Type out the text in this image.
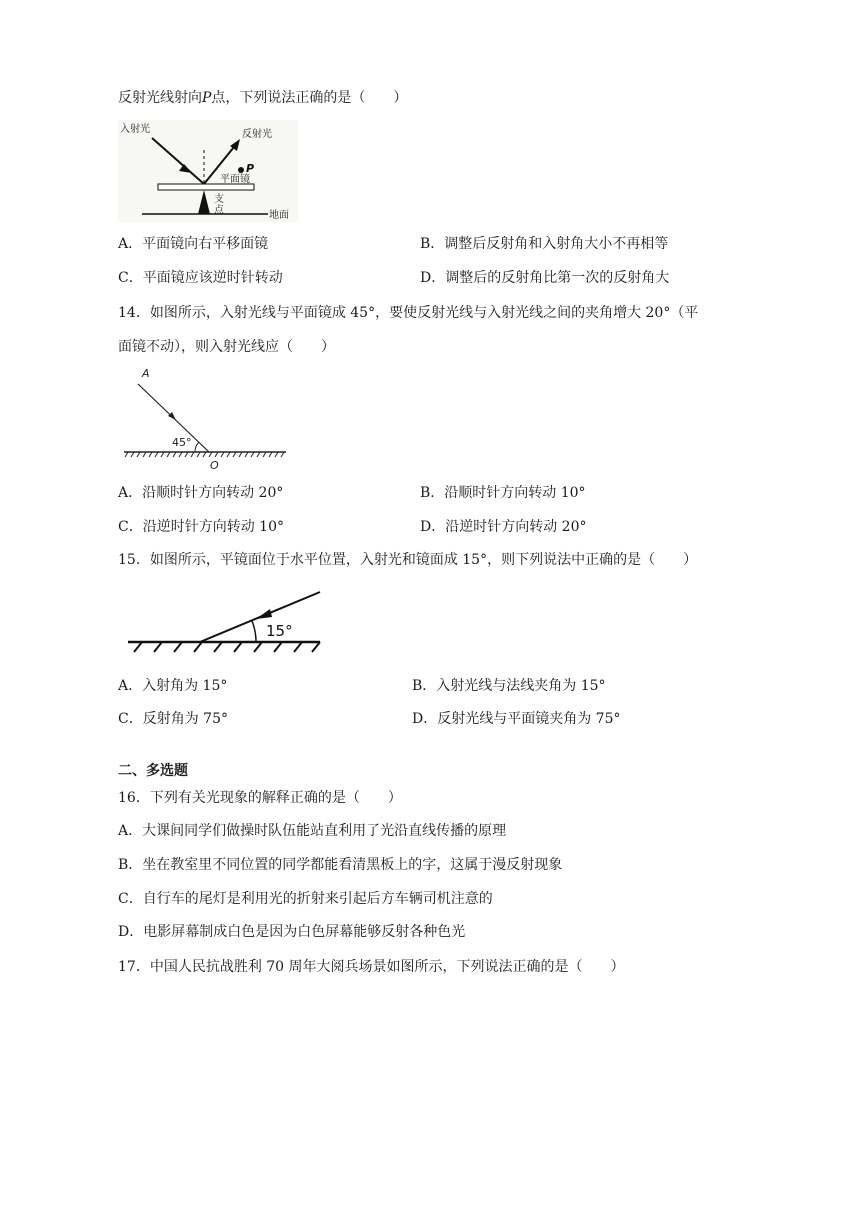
反射光线射向P点，下列说法正确的是（　　）
入射光	反射光
P
平面镜
支
点	地面
A．平面镜向右平移面镜	B．调整后反射角和入射角大小不再相等
C．平面镜应该逆时针转动	D．调整后的反射角比第一次的反射角大
14．如图所示，入射光线与平面镜成 45°，要使反射光线与入射光线之间的夹角增大 20°（平
面镜不动），则入射光线应（　　）
A
45°
O
A．沿顺时针方向转动 20°	B．沿顺时针方向转动 10°
C．沿逆时针方向转动 10°	D．沿逆时针方向转动 20°
15．如图所示，平镜面位于水平位置，入射光和镜面成 15°，则下列说法中正确的是（　　）
15°
A．入射角为 15°	B．入射光线与法线夹角为 15°
C．反射角为 75°	D．反射光线与平面镜夹角为 75°
二、多选题
16．下列有关光现象的解释正确的是（　　）
A．大课间同学们做操时队伍能站直利用了光沿直线传播的原理
B．坐在教室里不同位置的同学都能看清黑板上的字，这属于漫反射现象
C．自行车的尾灯是利用光的折射来引起后方车辆司机注意的
D．电影屏幕制成白色是因为白色屏幕能够反射各种色光
17．中国人民抗战胜利 70 周年大阅兵场景如图所示，下列说法正确的是（　　）
